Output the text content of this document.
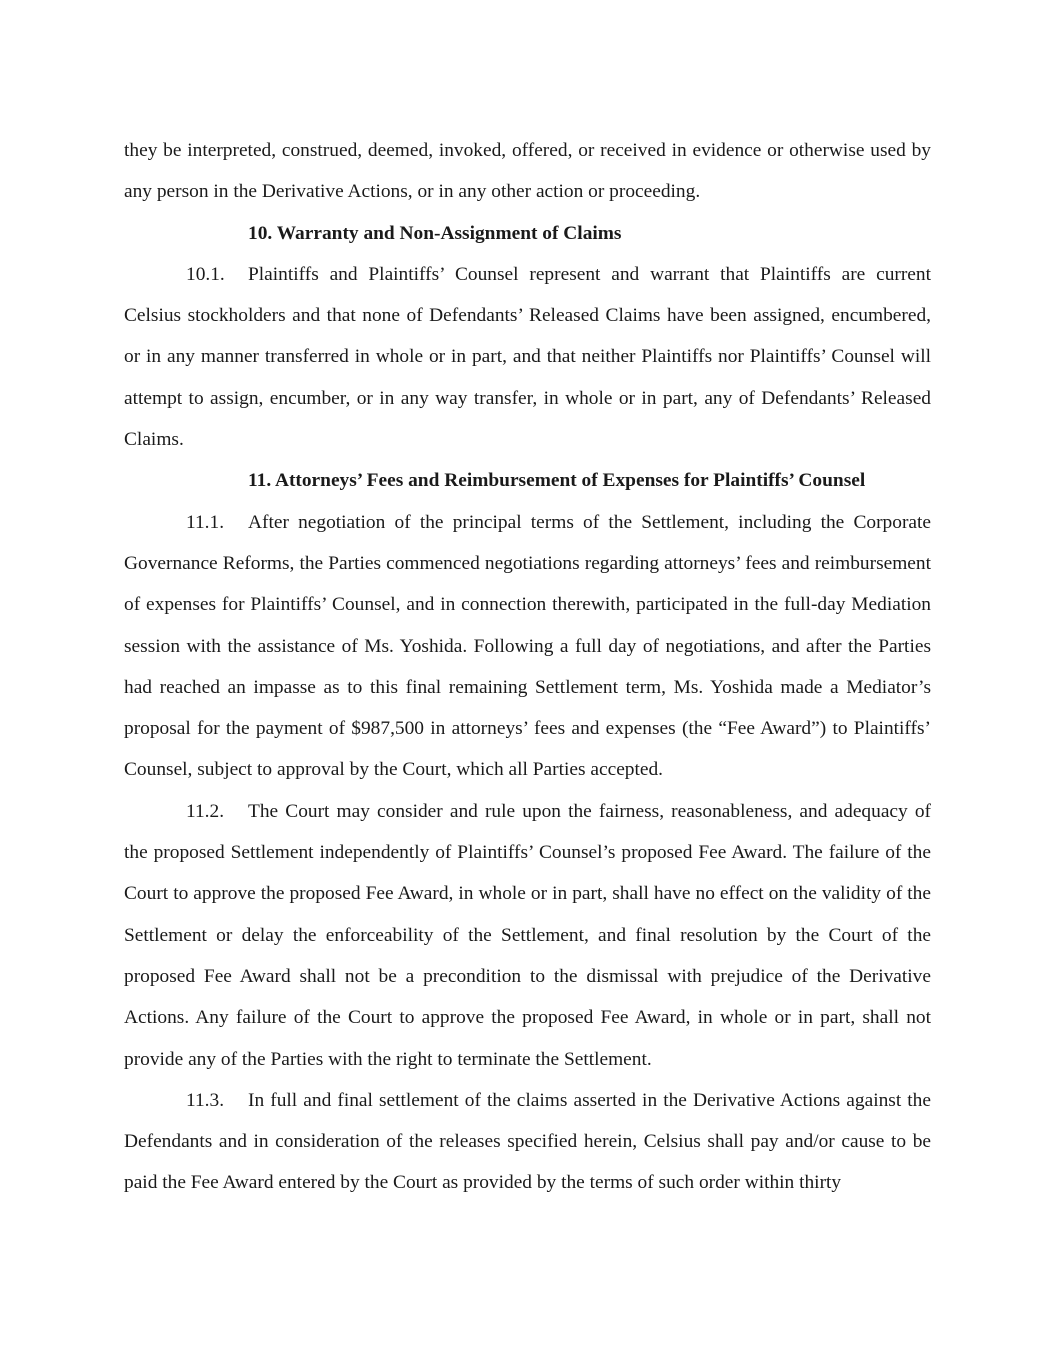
they be interpreted, construed, deemed, invoked, offered, or received in evidence or otherwise used by any person in the Derivative Actions, or in any other action or proceeding.

10. Warranty and Non-Assignment of Claims

10.1. Plaintiffs and Plaintiffs’ Counsel represent and warrant that Plaintiffs are current Celsius stockholders and that none of Defendants’ Released Claims have been assigned, encumbered, or in any manner transferred in whole or in part, and that neither Plaintiffs nor Plaintiffs’ Counsel will attempt to assign, encumber, or in any way transfer, in whole or in part, any of Defendants’ Released Claims.

11. Attorneys’ Fees and Reimbursement of Expenses for Plaintiffs’ Counsel

11.1. After negotiation of the principal terms of the Settlement, including the Corporate Governance Reforms, the Parties commenced negotiations regarding attorneys’ fees and reimbursement of expenses for Plaintiffs’ Counsel, and in connection therewith, participated in the full-day Mediation session with the assistance of Ms. Yoshida. Following a full day of negotiations, and after the Parties had reached an impasse as to this final remaining Settlement term, Ms. Yoshida made a Mediator’s proposal for the payment of $987,500 in attorneys’ fees and expenses (the “Fee Award”) to Plaintiffs’ Counsel, subject to approval by the Court, which all Parties accepted.

11.2. The Court may consider and rule upon the fairness, reasonableness, and adequacy of the proposed Settlement independently of Plaintiffs’ Counsel’s proposed Fee Award. The failure of the Court to approve the proposed Fee Award, in whole or in part, shall have no effect on the validity of the Settlement or delay the enforceability of the Settlement, and final resolution by the Court of the proposed Fee Award shall not be a precondition to the dismissal with prejudice of the Derivative Actions. Any failure of the Court to approve the proposed Fee Award, in whole or in part, shall not provide any of the Parties with the right to terminate the Settlement.

11.3. In full and final settlement of the claims asserted in the Derivative Actions against the Defendants and in consideration of the releases specified herein, Celsius shall pay and/or cause to be paid the Fee Award entered by the Court as provided by the terms of such order within thirty
